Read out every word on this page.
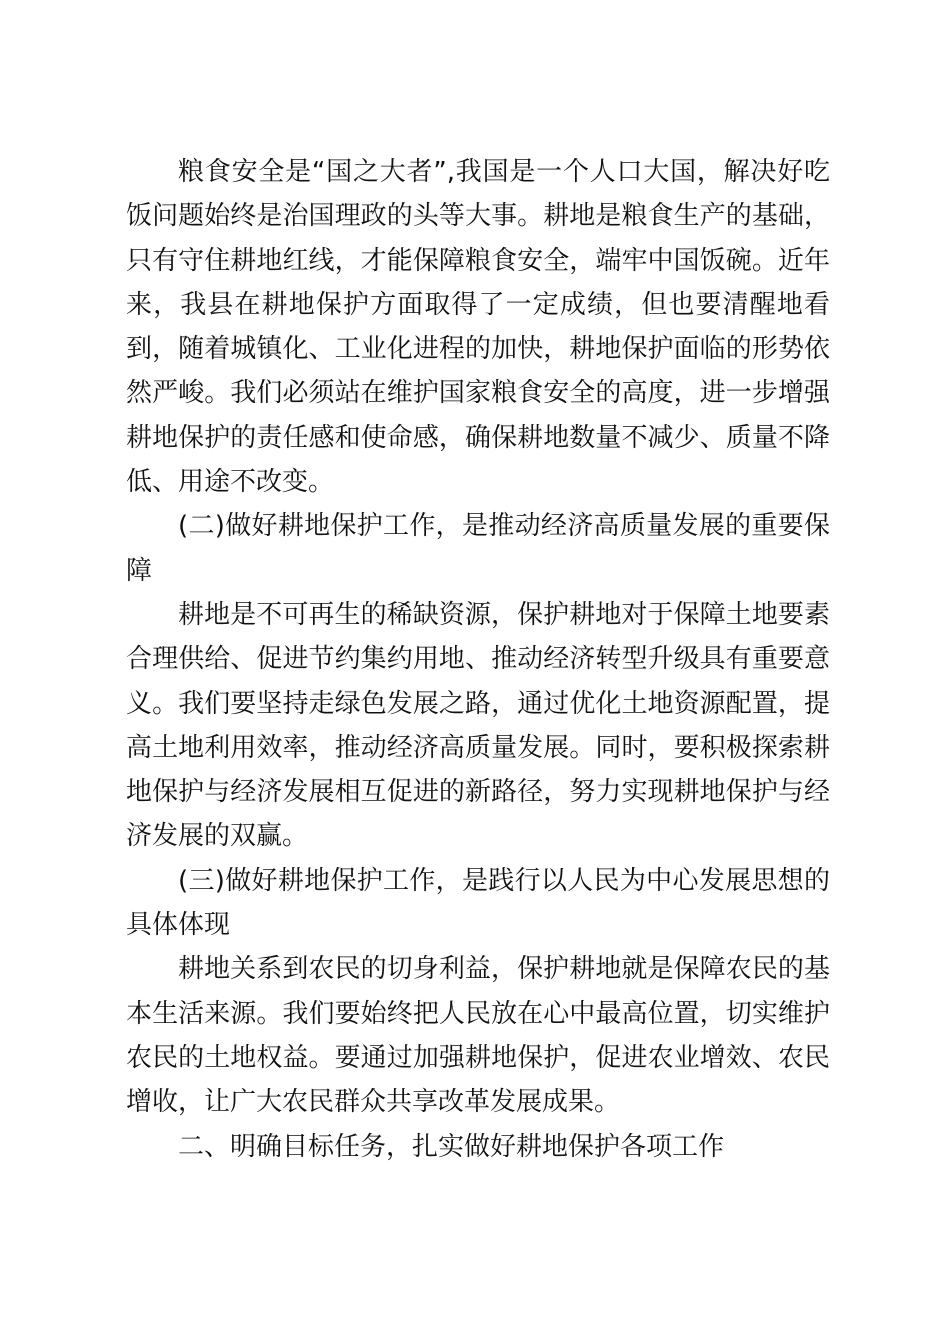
粮食安全是“国之大者”,我国是一个人口大国，解决好吃饭问题始终是治国理政的头等大事。耕地是粮食生产的基础，只有守住耕地红线，才能保障粮食安全，端牢中国饭碗。近年来，我县在耕地保护方面取得了一定成绩，但也要清醒地看到，随着城镇化、工业化进程的加快，耕地保护面临的形势依然严峻。我们必须站在维护国家粮食安全的高度，进一步增强耕地保护的责任感和使命感，确保耕地数量不减少、质量不降低、用途不改变。

(二)做好耕地保护工作，是推动经济高质量发展的重要保障

耕地是不可再生的稀缺资源，保护耕地对于保障土地要素合理供给、促进节约集约用地、推动经济转型升级具有重要意义。我们要坚持走绿色发展之路，通过优化土地资源配置，提高土地利用效率，推动经济高质量发展。同时，要积极探索耕地保护与经济发展相互促进的新路径，努力实现耕地保护与经济发展的双赢。

(三)做好耕地保护工作，是践行以人民为中心发展思想的具体体现

耕地关系到农民的切身利益，保护耕地就是保障农民的基本生活来源。我们要始终把人民放在心中最高位置，切实维护农民的土地权益。要通过加强耕地保护，促进农业增效、农民增收，让广大农民群众共享改革发展成果。

二、明确目标任务，扎实做好耕地保护各项工作
